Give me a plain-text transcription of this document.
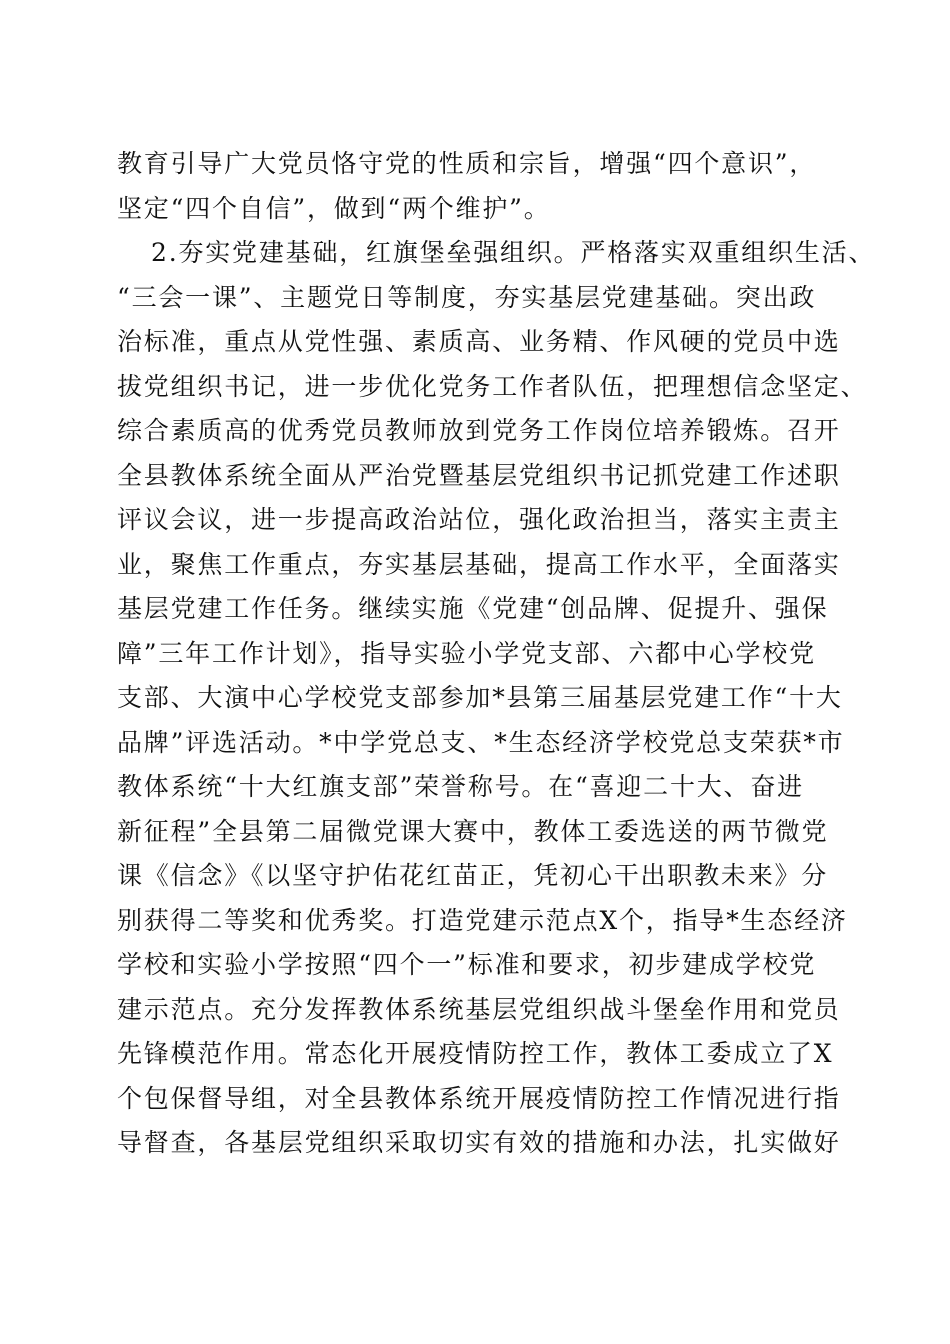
教育引导广大党员恪守党的性质和宗旨，增强“四个意识”，
坚定“四个自信”，做到“两个维护”。
2.夯实党建基础，红旗堡垒强组织。严格落实双重组织生活、
“三会一课”、主题党日等制度，夯实基层党建基础。突出政
治标准，重点从党性强、素质高、业务精、作风硬的党员中选
拔党组织书记，进一步优化党务工作者队伍，把理想信念坚定、
综合素质高的优秀党员教师放到党务工作岗位培养锻炼。召开
全县教体系统全面从严治党暨基层党组织书记抓党建工作述职
评议会议，进一步提高政治站位，强化政治担当，落实主责主
业，聚焦工作重点，夯实基层基础，提高工作水平，全面落实
基层党建工作任务。继续实施《党建“创品牌、促提升、强保
障”三年工作计划》，指导实验小学党支部、六都中心学校党
支部、大演中心学校党支部参加*县第三届基层党建工作“十大
品牌”评选活动。*中学党总支、*生态经济学校党总支荣获*市
教体系统“十大红旗支部”荣誉称号。在“喜迎二十大、奋进
新征程”全县第二届微党课大赛中，教体工委选送的两节微党
课《信念》《以坚守护佑花红苗正，凭初心干出职教未来》分
别获得二等奖和优秀奖。打造党建示范点X个，指导*生态经济
学校和实验小学按照“四个一”标准和要求，初步建成学校党
建示范点。充分发挥教体系统基层党组织战斗堡垒作用和党员
先锋模范作用。常态化开展疫情防控工作，教体工委成立了X
个包保督导组，对全县教体系统开展疫情防控工作情况进行指
导督查，各基层党组织采取切实有效的措施和办法，扎实做好
